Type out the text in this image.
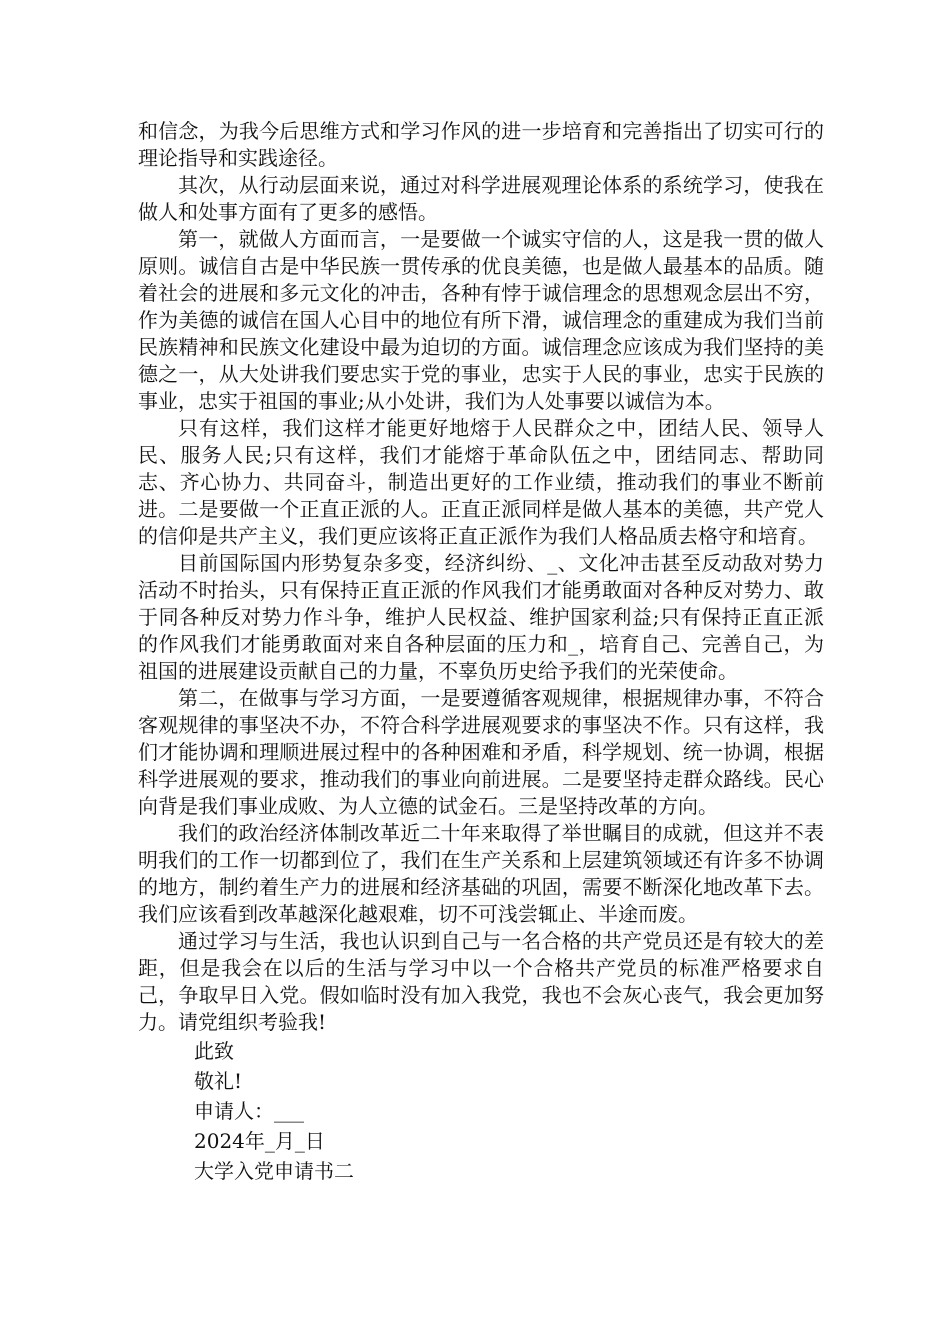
和信念，为我今后思维方式和学习作风的进一步培育和完善指出了切实可行的理论指导和实践途径。

其次，从行动层面来说，通过对科学进展观理论体系的系统学习，使我在做人和处事方面有了更多的感悟。

第一，就做人方面而言，一是要做一个诚实守信的人，这是我一贯的做人原则。诚信自古是中华民族一贯传承的优良美德，也是做人最基本的品质。随着社会的进展和多元文化的冲击，各种有悖于诚信理念的思想观念层出不穷，作为美德的诚信在国人心目中的地位有所下滑，诚信理念的重建成为我们当前民族精神和民族文化建设中最为迫切的方面。诚信理念应该成为我们坚持的美德之一，从大处讲我们要忠实于党的事业，忠实于人民的事业，忠实于民族的事业，忠实于祖国的事业;从小处讲，我们为人处事要以诚信为本。

只有这样，我们这样才能更好地熔于人民群众之中，团结人民、领导人民、服务人民;只有这样，我们才能熔于革命队伍之中，团结同志、帮助同志、齐心协力、共同奋斗，制造出更好的工作业绩，推动我们的事业不断前进。二是要做一个正直正派的人。正直正派同样是做人基本的美德，共产党人的信仰是共产主义，我们更应该将正直正派作为我们人格品质去格守和培育。

目前国际国内形势复杂多变，经济纠纷、_、文化冲击甚至反动敌对势力活动不时抬头，只有保持正直正派的作风我们才能勇敢面对各种反对势力、敢于同各种反对势力作斗争，维护人民权益、维护国家利益;只有保持正直正派的作风我们才能勇敢面对来自各种层面的压力和_，培育自己、完善自己，为祖国的进展建设贡献自己的力量，不辜负历史给予我们的光荣使命。

第二，在做事与学习方面，一是要遵循客观规律，根据规律办事，不符合客观规律的事坚决不办，不符合科学进展观要求的事坚决不作。只有这样，我们才能协调和理顺进展过程中的各种困难和矛盾，科学规划、统一协调，根据科学进展观的要求，推动我们的事业向前进展。二是要坚持走群众路线。民心向背是我们事业成败、为人立德的试金石。三是坚持改革的方向。

我们的政治经济体制改革近二十年来取得了举世瞩目的成就，但这并不表明我们的工作一切都到位了，我们在生产关系和上层建筑领域还有许多不协调的地方，制约着生产力的进展和经济基础的巩固，需要不断深化地改革下去。我们应该看到改革越深化越艰难，切不可浅尝辄止、半途而废。

通过学习与生活，我也认识到自己与一名合格的共产党员还是有较大的差距，但是我会在以后的生活与学习中以一个合格共产党员的标准严格要求自己，争取早日入党。假如临时没有加入我党，我也不会灰心丧气，我会更加努力。请党组织考验我!

此致

敬礼!

申请人：___

2024年_月_日

大学入党申请书二
